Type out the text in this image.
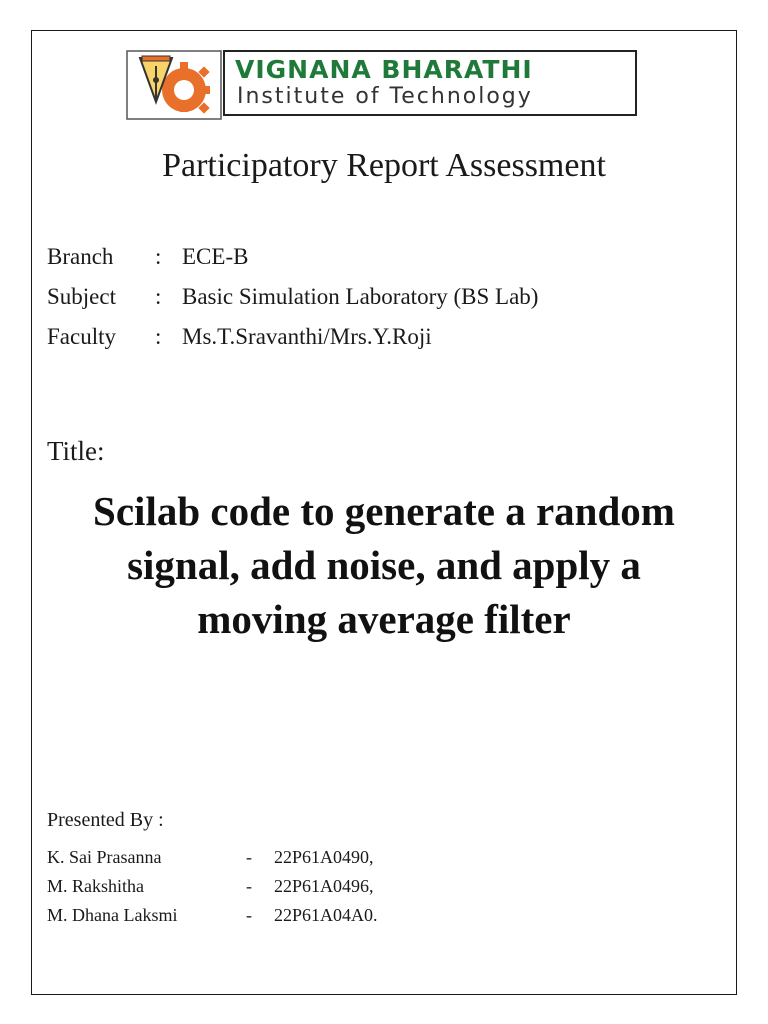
VIGNANA BHARATHI
Institute of Technology
Participatory Report Assessment
Branch	: ECE-B
Subject	: Basic Simulation Laboratory (BS Lab)
Faculty	: Ms.T.Sravanthi/Mrs.Y.Roji
Title:
Scilab code to generate a random
signal, add noise, and apply a
moving average filter
Presented By :
K. Sai Prasanna	-	22P61A0490,
M. Rakshitha	-	22P61A0496,
M. Dhana Laksmi	-	22P61A04A0.
